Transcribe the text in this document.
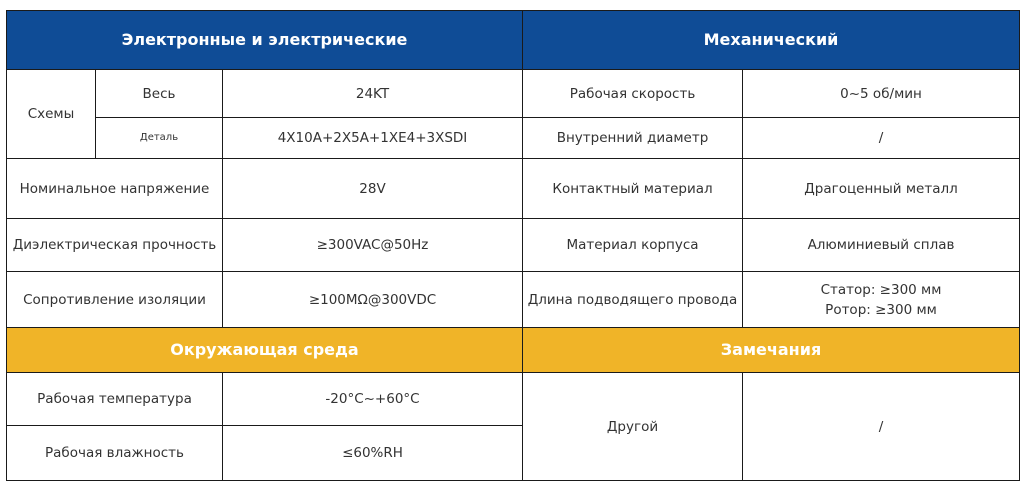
Электронные и электрические			Механический	
Схемы	Весь	24KT	Рабочая скорость	0~5 об/мин
	Деталь	4X10A+2X5A+1XE4+3XSDI	Внутренний диаметр	/
Номинальное напряжение		28V	Контактный материал	Драгоценный металл
Диэлектрическая прочность		≥300VAC@50Hz	Материал корпуса	Алюминиевый сплав
Сопротивление изоляции		≥100MΩ@300VDC	Длина подводящего провода	Статор: ≥300 мм
Ротор: ≥300 мм

Окружающая среда			Замечания	
Рабочая температура		-20°C~+60°C	Другой	/
Рабочая влажность		≤60%RH		
